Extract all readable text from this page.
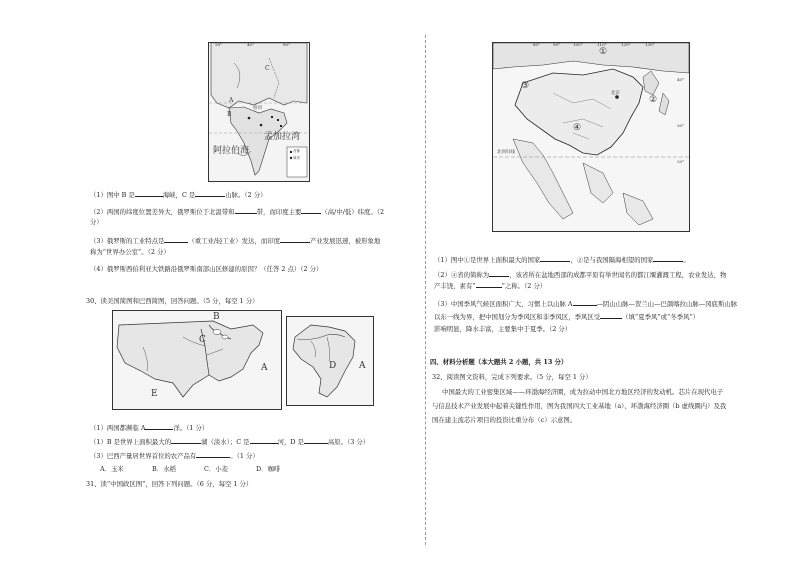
20°	40°	80°
C
A
B
恒河
孟加拉湾
阿拉伯海	首都
城市
（1）图中 B 是	海峡，C 是	山脉。（2 分）
（2）两国的纬度位置差异大，俄罗斯位于北温带和	带，而印度主要	（高/中/低）纬度。（2
分）
（3）俄罗斯的工业特点是	（重工业/轻工业）发达，而印度	产业发展迅速，被形象地
称为“世界办公室”。（2 分）
（4）俄罗斯西伯利亚大铁路沿俄罗斯南部山区修建的原因？（任答 2 点）（2 分）
30、读美国简图和巴西简图，回答问题。（5 分，每空 1 分）
B
C
A
E
D	A
（1）两国都濒临 A	洋。（1 分）
（1）B 是世界上面积最大的	湖（淡水）；C 是	河，D 是	高原。（3 分）
（3）巴西产量居世界首位的农产品有	。（1 分）
A．玉米	B．水稻	C．小麦	D．咖啡
31、读“中国政区图”，回答下列问题。（6 分，每空 1 分）
80°	90°	100°	110°	120°	130°
40°
30°
20°
①
②
③
④
北京
北回归线
（1）图中①是世界上面积最大的国家	，②是与我国隔海相望的国家	。
（2）④省的简称为	，该省所在盆地西部的成都平原有举世闻名的都江堰灌溉工程，农业发达，物
产丰饶，素有“	”之称。（2 分）
（3）中国季风气候区面积广大，习惯上以山脉 A	—阴山山脉—贺兰山—巴颜喀拉山脉—冈底斯山脉
以东一线为界，把中国划分为季风区和非季风区，季风区受	（填“夏季风”或“冬季风”）
影响明显，降水丰富，主要集中于夏季。（2 分）
四、材料分析题（本大题共 2 小题，共 13 分）
32、阅读图文资料，完成下列要求。（5 分，每空 1 分）
中国最大的工业密集区域——环渤海经济圈，成为拉动中国北方地区经济的发动机。芯片在现代电子
与信息技术产业发展中起着关键性作用，图为我国四大工业基地（a）、环渤海经济圈（b 虚线圈内）及我
国在建主流芯片项目的投资比重分布（c）示意图。
